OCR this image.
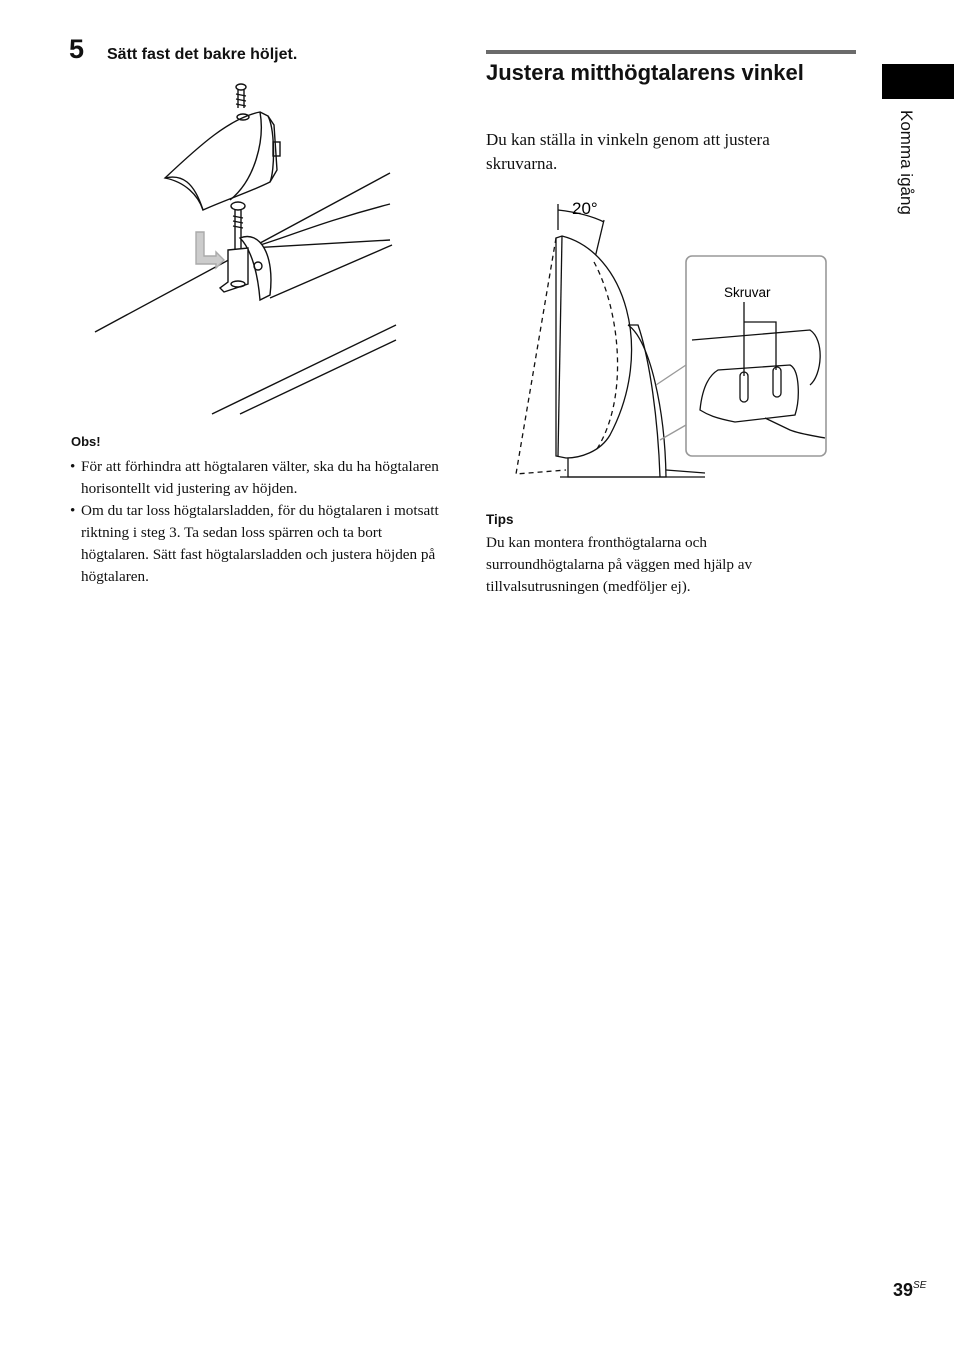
5 Sätt fast det bakre höljet.
Obs!
• För att förhindra att högtalaren välter, ska du ha högtalaren horisontellt vid justering av höjden.
• Om du tar loss högtalarsladden, för du högtalaren i motsatt riktning i steg 3. Ta sedan loss spärren och ta bort högtalaren. Sätt fast högtalarsladden och justera höjden på högtalaren.
Justera mitthögtalarens vinkel
Du kan ställa in vinkeln genom att justera skruvarna.
20°
Skruvar
Tips
Du kan montera fronthögtalarna och surroundhögtalarna på väggen med hjälp av tillvalsutrusningen (medföljer ej).
Komma igång
$39^{SE}$
